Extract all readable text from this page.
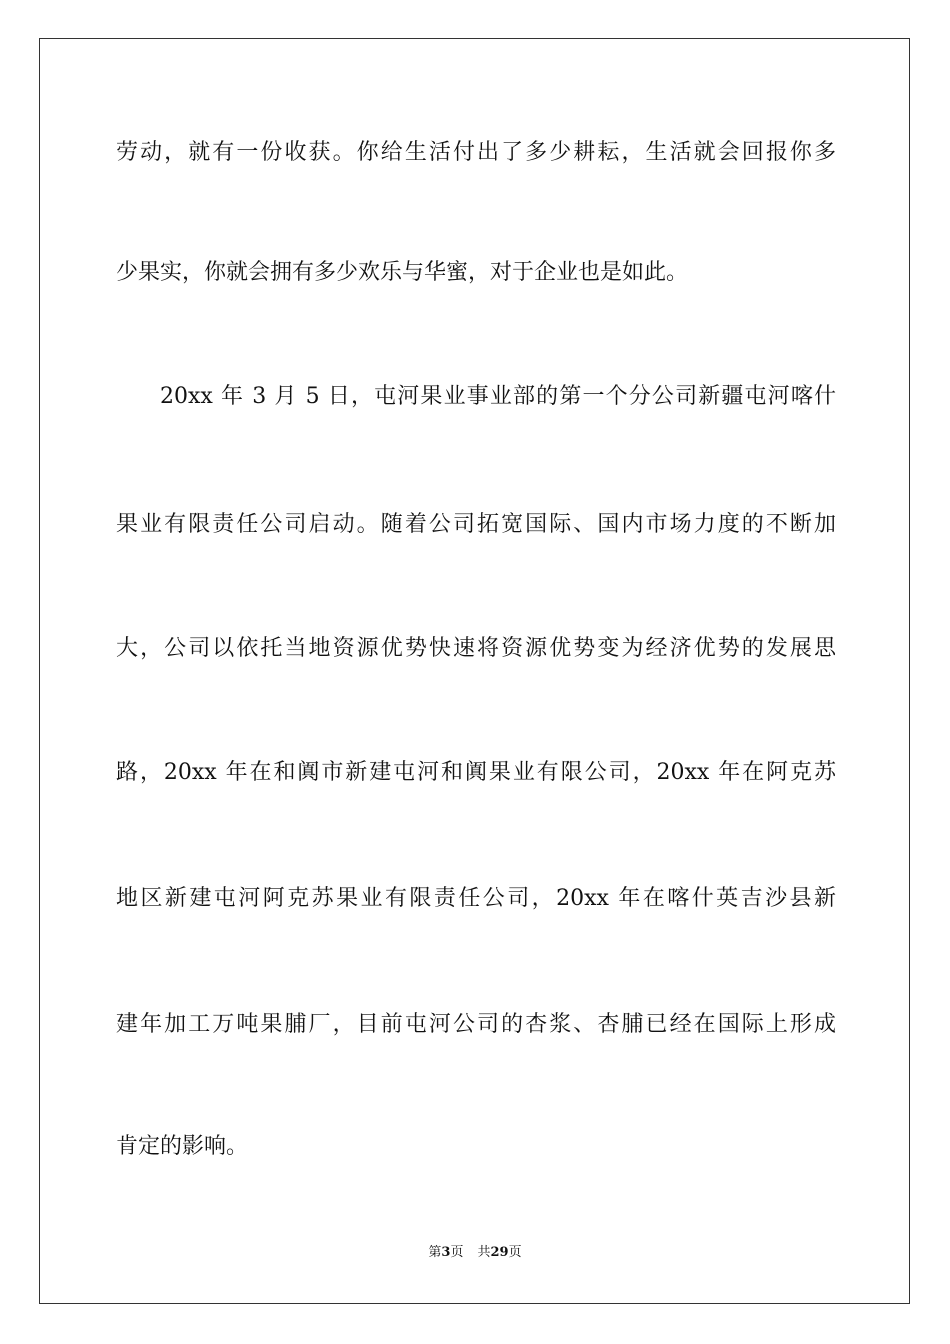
劳动，就有一份收获。你给生活付出了多少耕耘，生活就会回报你多
少果实，你就会拥有多少欢乐与华蜜，对于企业也是如此。
20xx 年 3 月 5 日，屯河果业事业部的第一个分公司新疆屯河喀什
果业有限责任公司启动。随着公司拓宽国际、国内市场力度的不断加
大，公司以依托当地资源优势快速将资源优势变为经济优势的发展思
路，20xx 年在和阗市新建屯河和阗果业有限公司，20xx 年在阿克苏
地区新建屯河阿克苏果业有限责任公司，20xx 年在喀什英吉沙县新
建年加工万吨果脯厂，目前屯河公司的杏浆、杏脯已经在国际上形成
肯定的影响。
第3页 共29页
